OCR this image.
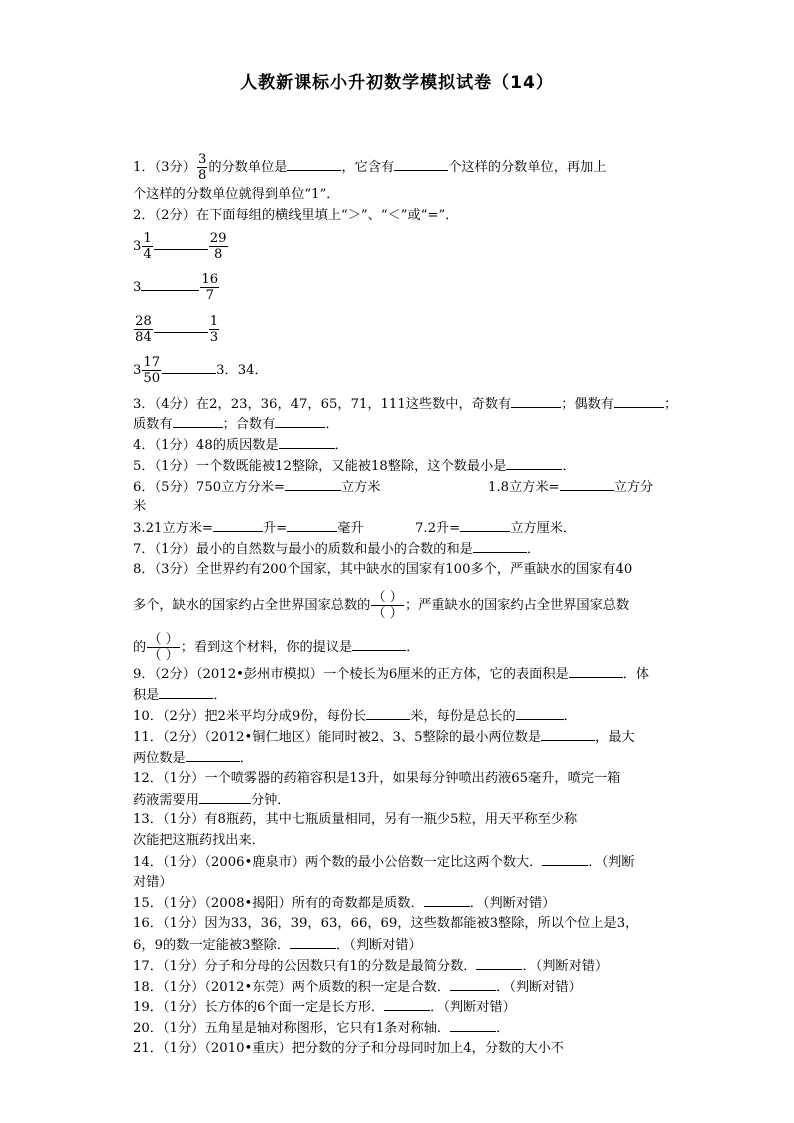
人教新课标小升初数学模拟试卷（14）
1．（3分） $\frac{3}{8}$ 的分数单位是	，它含有	个这样的分数单位，再加上
个这样的分数单位就得到单位“1”．
2．（2分）在下面每组的横线里填上“＞”、“＜”或“=”．
$3 \frac{1}{4}$	$\frac{29}{8}$
3	$\frac{16}{7}$
$\frac{28}{84}$	$\frac{1}{3}$
$3 \frac{17}{50}$	3．34．
3．（4分）在2，23，36，47，65，71，111这些数中，奇数有	；偶数有	；
质数有	；合数有	．
4．（1分）48的质因数是	．
5．（1分）一个数既能被12整除，又能被18整除，这个数最小是	．
6．（5分）750立方分米=	立方米	1.8立方米=	立方分
米
3.21立方米=	升=	毫升	7.2升=	立方厘米．
7．（1分）最小的自然数与最小的质数和最小的合数的和是	．
8．（3分）全世界约有200个国家，其中缺水的国家有100多个，严重缺水的国家有40
多个，缺水的国家约占全世界国家总数的 $\frac{( )}{( )}$ ；严重缺水的国家约占全世界国家总数
的 $\frac{( )}{( )}$ ；看到这个材料，你的提议是	．
9．（2分）（2012•彭州市模拟）一个棱长为6厘米的正方体，它的表面积是	．体
积是	．
10．（2分）把2米平均分成9份，每份长	米，每份是总长的	．
11．（2分）（2012•铜仁地区）能同时被2、3、5整除的最小两位数是	，最大
两位数是	．
12．（1分）一个喷雾器的药箱容积是13升，如果每分钟喷出药液65毫升，喷完一箱
药液需要用	分钟．
13．（1分）有8瓶药，其中七瓶质量相同，另有一瓶少5粒，用天平称至少称
次能把这瓶药找出来．
14．（1分）（2006•鹿泉市）两个数的最小公倍数一定比这两个数大．	．（判断
对错）
15．（1分）（2008•揭阳）所有的奇数都是质数．	．（判断对错）
16．（1分）因为33，36，39，63，66，69，这些数都能被3整除，所以个位上是3，
6，9的数一定能被3整除．	．（判断对错）
17．（1分）分子和分母的公因数只有1的分数是最简分数．	．（判断对错）
18．（1分）（2012•东莞）两个质数的积一定是合数．	．（判断对错）
19．（1分）长方体的6个面一定是长方形．	．（判断对错）
20．（1分）五角星是轴对称图形，它只有1条对称轴．	．
21．（1分）（2010•重庆）把分数的分子和分母同时加上4，分数的大小不
